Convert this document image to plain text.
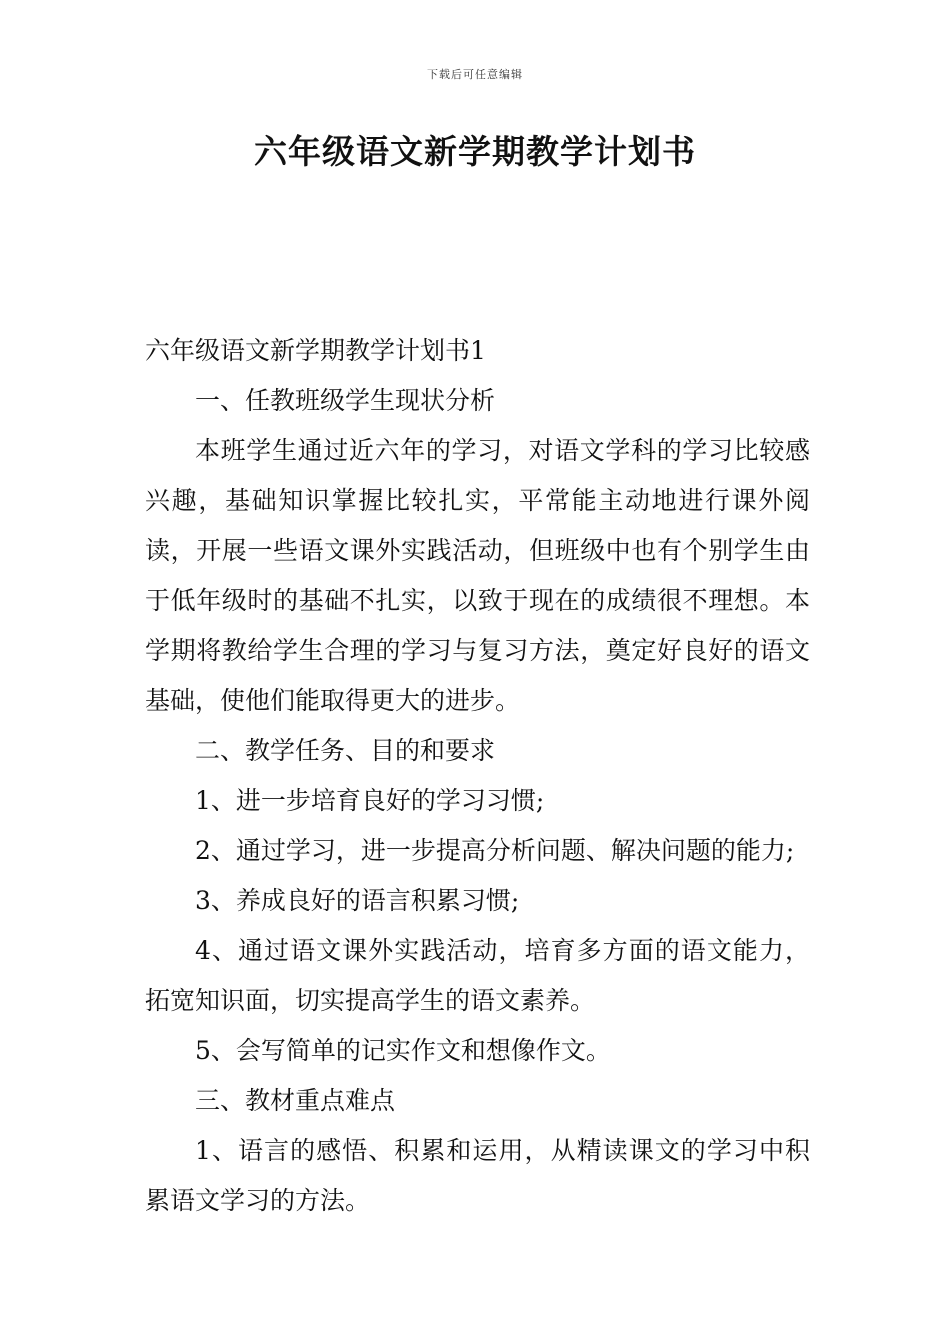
下载后可任意编辑
六年级语文新学期教学计划书

六年级语文新学期教学计划书1

一、任教班级学生现状分析

本班学生通过近六年的学习，对语文学科的学习比较感兴趣，基础知识掌握比较扎实，平常能主动地进行课外阅读，开展一些语文课外实践活动，但班级中也有个别学生由于低年级时的基础不扎实，以致于现在的成绩很不理想。本学期将教给学生合理的学习与复习方法，奠定好良好的语文基础，使他们能取得更大的进步。

二、教学任务、目的和要求

1、进一步培育良好的学习习惯;

2、通过学习，进一步提高分析问题、解决问题的能力;

3、养成良好的语言积累习惯;

4、通过语文课外实践活动，培育多方面的语文能力，拓宽知识面，切实提高学生的语文素养。

5、会写简单的记实作文和想像作文。

三、教材重点难点

1、语言的感悟、积累和运用，从精读课文的学习中积累语文学习的方法。
